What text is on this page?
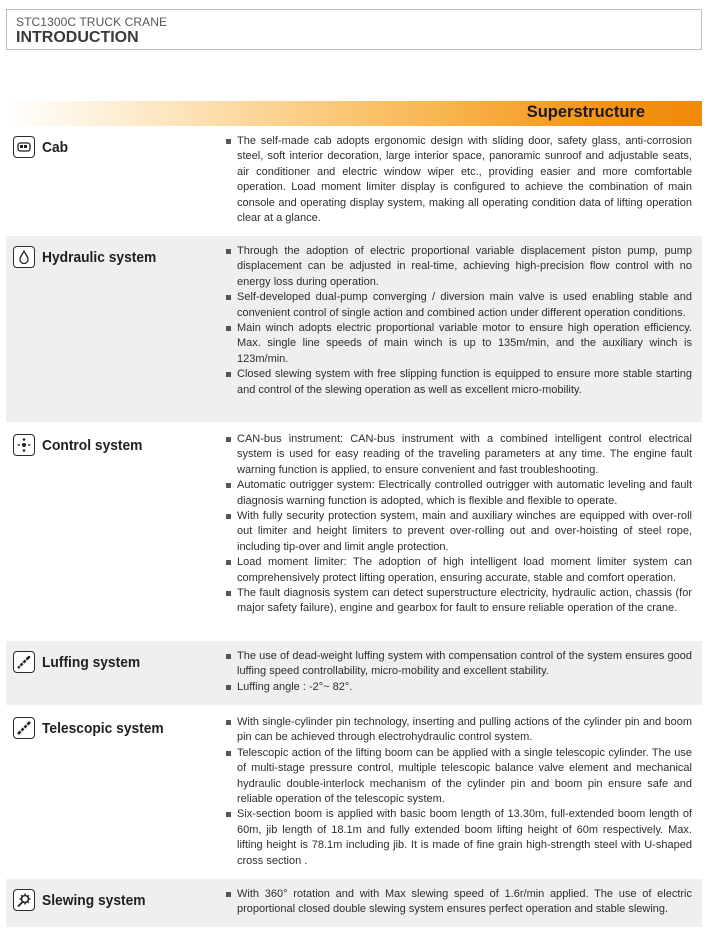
STC1300C TRUCK CRANE
INTRODUCTION
Superstructure
Cab	The self-made cab adopts ergonomic design with sliding door, safety glass, anti-corrosion steel, soft interior decoration, large interior space, panoramic sunroof and adjustable seats, air conditioner and electric window wiper etc., providing easier and more comfortable operation. Load moment limiter display is configured to achieve the combination of main console and operating display system, making all operating condition data of lifting operation clear at a glance.
Hydraulic system	Through the adoption of electric proportional variable displacement piston pump, pump displacement can be adjusted in real-time, achieving high-precision flow control with no energy loss during operation.
Self-developed dual-pump converging / diversion main valve is used enabling stable and convenient control of single action and combined action under different operation conditions.
Main winch adopts electric proportional variable motor to ensure high operation efficiency. Max. single line speeds of main winch is up to 135m/min, and the auxiliary winch is 123m/min.
Closed slewing system with free slipping function is equipped to ensure more stable starting and control of the slewing operation as well as excellent micro-mobility.
Control system	CAN-bus instrument: CAN-bus instrument with a combined intelligent control electrical system is used for easy reading of the traveling parameters at any time. The engine fault warning function is applied, to ensure convenient and fast troubleshooting.
Automatic outrigger system: Electrically controlled outrigger with automatic leveling and fault diagnosis warning function is adopted, which is flexible and flexible to operate.
With fully security protection system, main and auxiliary winches are equipped with over-roll out limiter and height limiters to prevent over-rolling out and over-hoisting of steel rope, including tip-over and limit angle protection.
Load moment limiter: The adoption of high intelligent load moment limiter system can comprehensively protect lifting operation, ensuring accurate, stable and comfort operation.
The fault diagnosis system can detect superstructure electricity, hydraulic action, chassis (for major safety failure), engine and gearbox for fault to ensure reliable operation of the crane.
Luffing system	The use of dead-weight luffing system with compensation control of the system ensures good luffing speed controllability, micro-mobility and excellent stability.
Luffing angle : -2°~ 82°.
Telescopic system	With single-cylinder pin technology, inserting and pulling actions of the cylinder pin and boom pin can be achieved through electrohydraulic control system.
Telescopic action of the lifting boom can be applied with a single telescopic cylinder. The use of multi-stage pressure control, multiple telescopic balance valve element and mechanical hydraulic double-interlock mechanism of the cylinder pin and boom pin ensure safe and reliable operation of the telescopic system.
Six-section boom is applied with basic boom length of 13.30m, full-extended boom length of 60m, jib length of 18.1m and fully extended boom lifting height of 60m respectively. Max. lifting height is 78.1m including jib. It is made of fine grain high-strength steel with U-shaped cross section .
Slewing system	With 360° rotation and with Max slewing speed of 1.6r/min applied. The use of electric proportional closed double slewing system ensures perfect operation and stable slewing.
